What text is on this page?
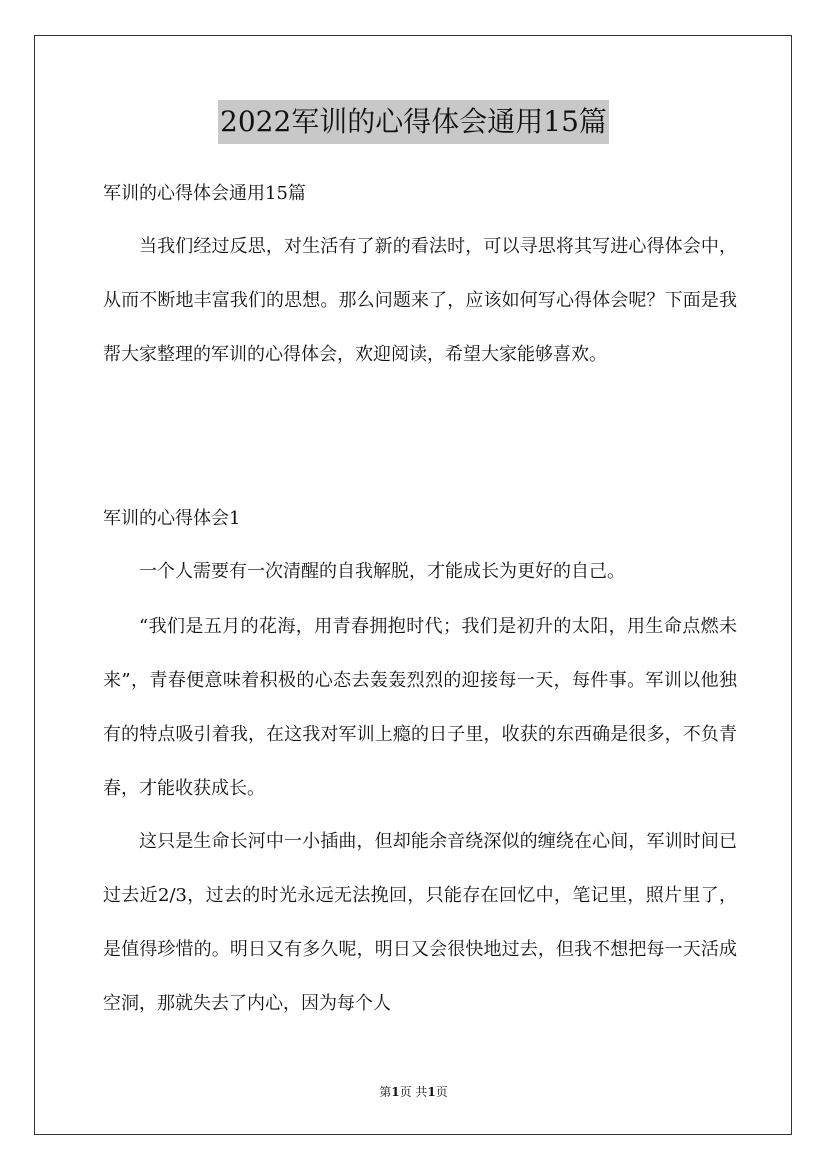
2022军训的心得体会通用15篇
军训的心得体会通用15篇

当我们经过反思，对生活有了新的看法时，可以寻思将其写进心得体会中，从而不断地丰富我们的思想。那么问题来了，应该如何写心得体会呢？下面是我帮大家整理的军训的心得体会，欢迎阅读，希望大家能够喜欢。

军训的心得体会1

一个人需要有一次清醒的自我解脱，才能成长为更好的自己。

“我们是五月的花海，用青春拥抱时代；我们是初升的太阳，用生命点燃未来”，青春便意味着积极的心态去轰轰烈烈的迎接每一天，每件事。军训以他独有的特点吸引着我，在这我对军训上瘾的日子里，收获的东西确是很多，不负青春，才能收获成长。

这只是生命长河中一小插曲，但却能余音绕深似的缠绕在心间，军训时间已过去近2/3，过去的时光永远无法挽回，只能存在回忆中，笔记里，照片里了，是值得珍惜的。明日又有多久呢，明日又会很快地过去，但我不想把每一天活成空洞，那就失去了内心，因为每个人

第1页 共1页
